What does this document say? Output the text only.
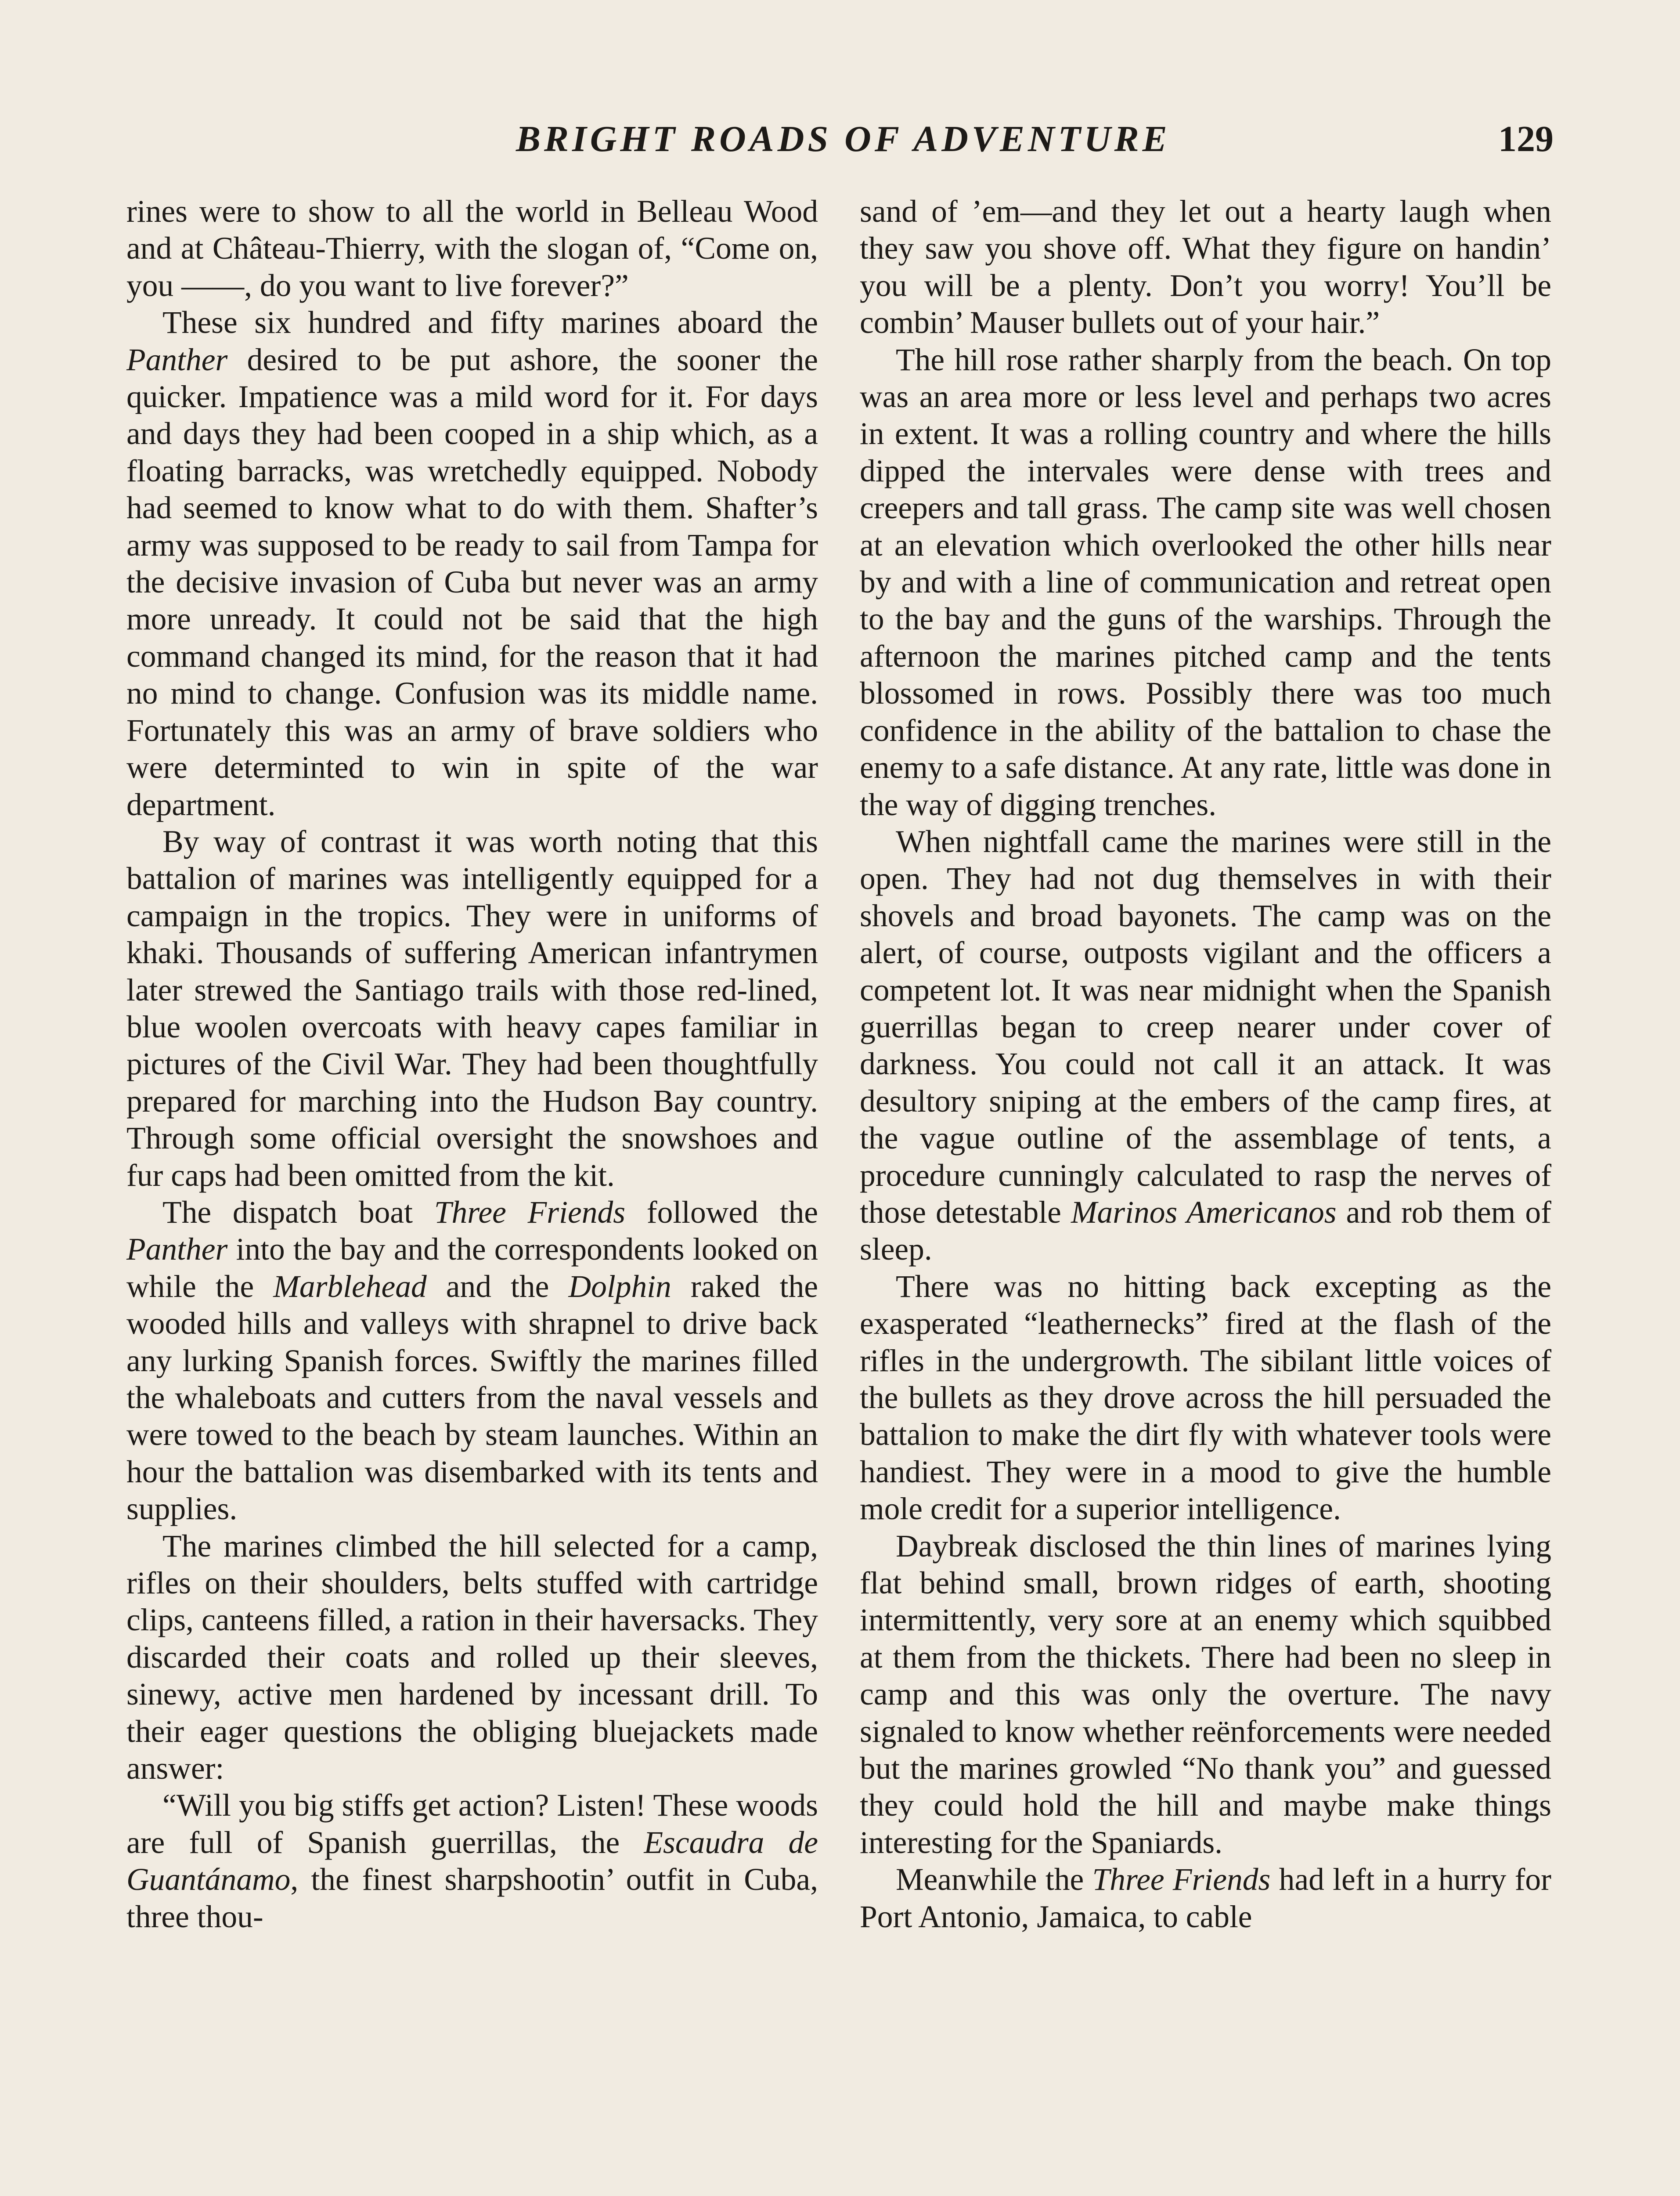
BRIGHT ROADS OF ADVENTURE	129

rines were to show to all the world in Belleau Wood and at Château-Thierry, with the slogan of, “Come on, you ——, do you want to live forever?”

These six hundred and fifty marines aboard the Panther desired to be put ashore, the sooner the quicker. Impatience was a mild word for it. For days and days they had been cooped in a ship which, as a floating barracks, was wretchedly equipped. Nobody had seemed to know what to do with them. Shafter’s army was supposed to be ready to sail from Tampa for the decisive invasion of Cuba but never was an army more unready. It could not be said that the high command changed its mind, for the reason that it had no mind to change. Confusion was its middle name. Fortunately this was an army of brave soldiers who were determinted to win in spite of the war department.

By way of contrast it was worth noting that this battalion of marines was intelligently equipped for a campaign in the tropics. They were in uniforms of khaki. Thousands of suffering American infantrymen later strewed the Santiago trails with those red-lined, blue woolen overcoats with heavy capes familiar in pictures of the Civil War. They had been thoughtfully prepared for marching into the Hudson Bay country. Through some official oversight the snowshoes and fur caps had been omitted from the kit.

The dispatch boat Three Friends followed the Panther into the bay and the correspondents looked on while the Marblehead and the Dolphin raked the wooded hills and valleys with shrapnel to drive back any lurking Spanish forces. Swiftly the marines filled the whaleboats and cutters from the naval vessels and were towed to the beach by steam launches. Within an hour the battalion was disembarked with its tents and supplies.

The marines climbed the hill selected for a camp, rifles on their shoulders, belts stuffed with cartridge clips, canteens filled, a ration in their haversacks. They discarded their coats and rolled up their sleeves, sinewy, active men hardened by incessant drill. To their eager questions the obliging bluejackets made answer:

“Will you big stiffs get action? Listen! These woods are full of Spanish guerrillas, the Escaudra de Guantánamo, the finest sharpshootin’ outfit in Cuba, three thou-

sand of ’em—and they let out a hearty laugh when they saw you shove off. What they figure on handin’ you will be a plenty. Don’t you worry! You’ll be combin’ Mauser bullets out of your hair.”

The hill rose rather sharply from the beach. On top was an area more or less level and perhaps two acres in extent. It was a rolling country and where the hills dipped the intervales were dense with trees and creepers and tall grass. The camp site was well chosen at an elevation which overlooked the other hills near by and with a line of communication and retreat open to the bay and the guns of the warships. Through the afternoon the marines pitched camp and the tents blossomed in rows. Possibly there was too much confidence in the ability of the battalion to chase the enemy to a safe distance. At any rate, little was done in the way of digging trenches.

When nightfall came the marines were still in the open. They had not dug themselves in with their shovels and broad bayonets. The camp was on the alert, of course, outposts vigilant and the officers a competent lot. It was near midnight when the Spanish guerrillas began to creep nearer under cover of darkness. You could not call it an attack. It was desultory sniping at the embers of the camp fires, at the vague outline of the assemblage of tents, a procedure cunningly calculated to rasp the nerves of those detestable Marinos Americanos and rob them of sleep.

There was no hitting back excepting as the exasperated “leathernecks” fired at the flash of the rifles in the undergrowth. The sibilant little voices of the bullets as they drove across the hill persuaded the battalion to make the dirt fly with whatever tools were handiest. They were in a mood to give the humble mole credit for a superior intelligence.

Daybreak disclosed the thin lines of marines lying flat behind small, brown ridges of earth, shooting intermittently, very sore at an enemy which squibbed at them from the thickets. There had been no sleep in camp and this was only the overture. The navy signaled to know whether reënforcements were needed but the marines growled “No thank you” and guessed they could hold the hill and maybe make things interesting for the Spaniards.

Meanwhile the Three Friends had left in a hurry for Port Antonio, Jamaica, to cable
